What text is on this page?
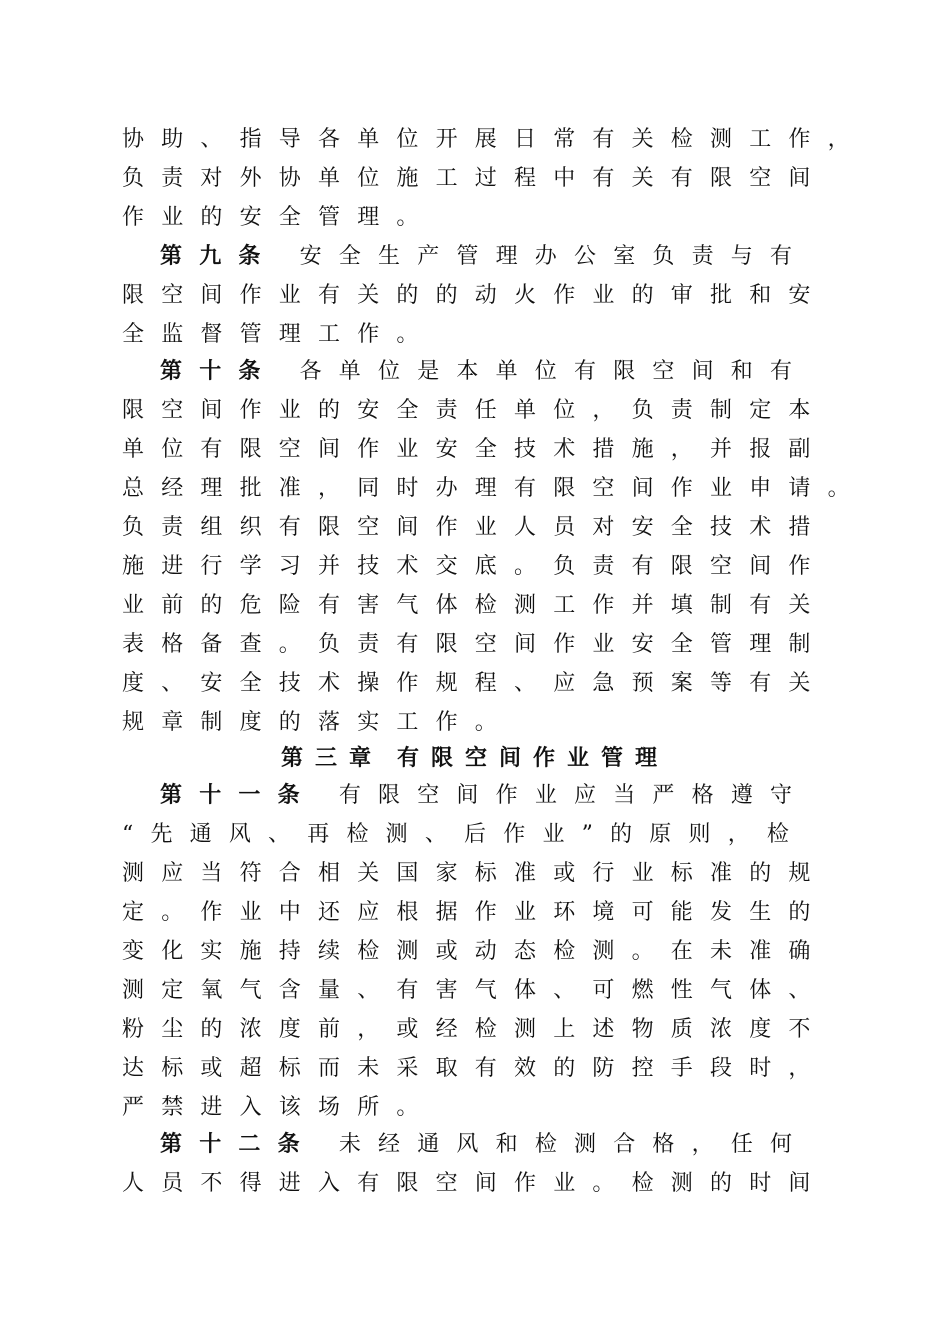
协助、指导各单位开展日常有关检测工作，
负责对外协单位施工过程中有关有限空间
作业的安全管理。
第九条 安全生产管理办公室负责与有
限空间作业有关的的动火作业的审批和安
全监督管理工作。
第十条 各单位是本单位有限空间和有
限空间作业的安全责任单位，负责制定本
单位有限空间作业安全技术措施，并报副
总经理批准，同时办理有限空间作业申请。
负责组织有限空间作业人员对安全技术措
施进行学习并技术交底。负责有限空间作
业前的危险有害气体检测工作并填制有关
表格备查。负责有限空间作业安全管理制
度、安全技术操作规程、应急预案等有关
规章制度的落实工作。
第三章 有限空间作业管理
第十一条 有限空间作业应当严格遵守
“先通风、再检测、后作业”的原则，检
测应当符合相关国家标准或行业标准的规
定。作业中还应根据作业环境可能发生的
变化实施持续检测或动态检测。在未准确
测定氧气含量、有害气体、可燃性气体、
粉尘的浓度前，或经检测上述物质浓度不
达标或超标而未采取有效的防控手段时，
严禁进入该场所。
第十二条 未经通风和检测合格，任何
人员不得进入有限空间作业。检测的时间
